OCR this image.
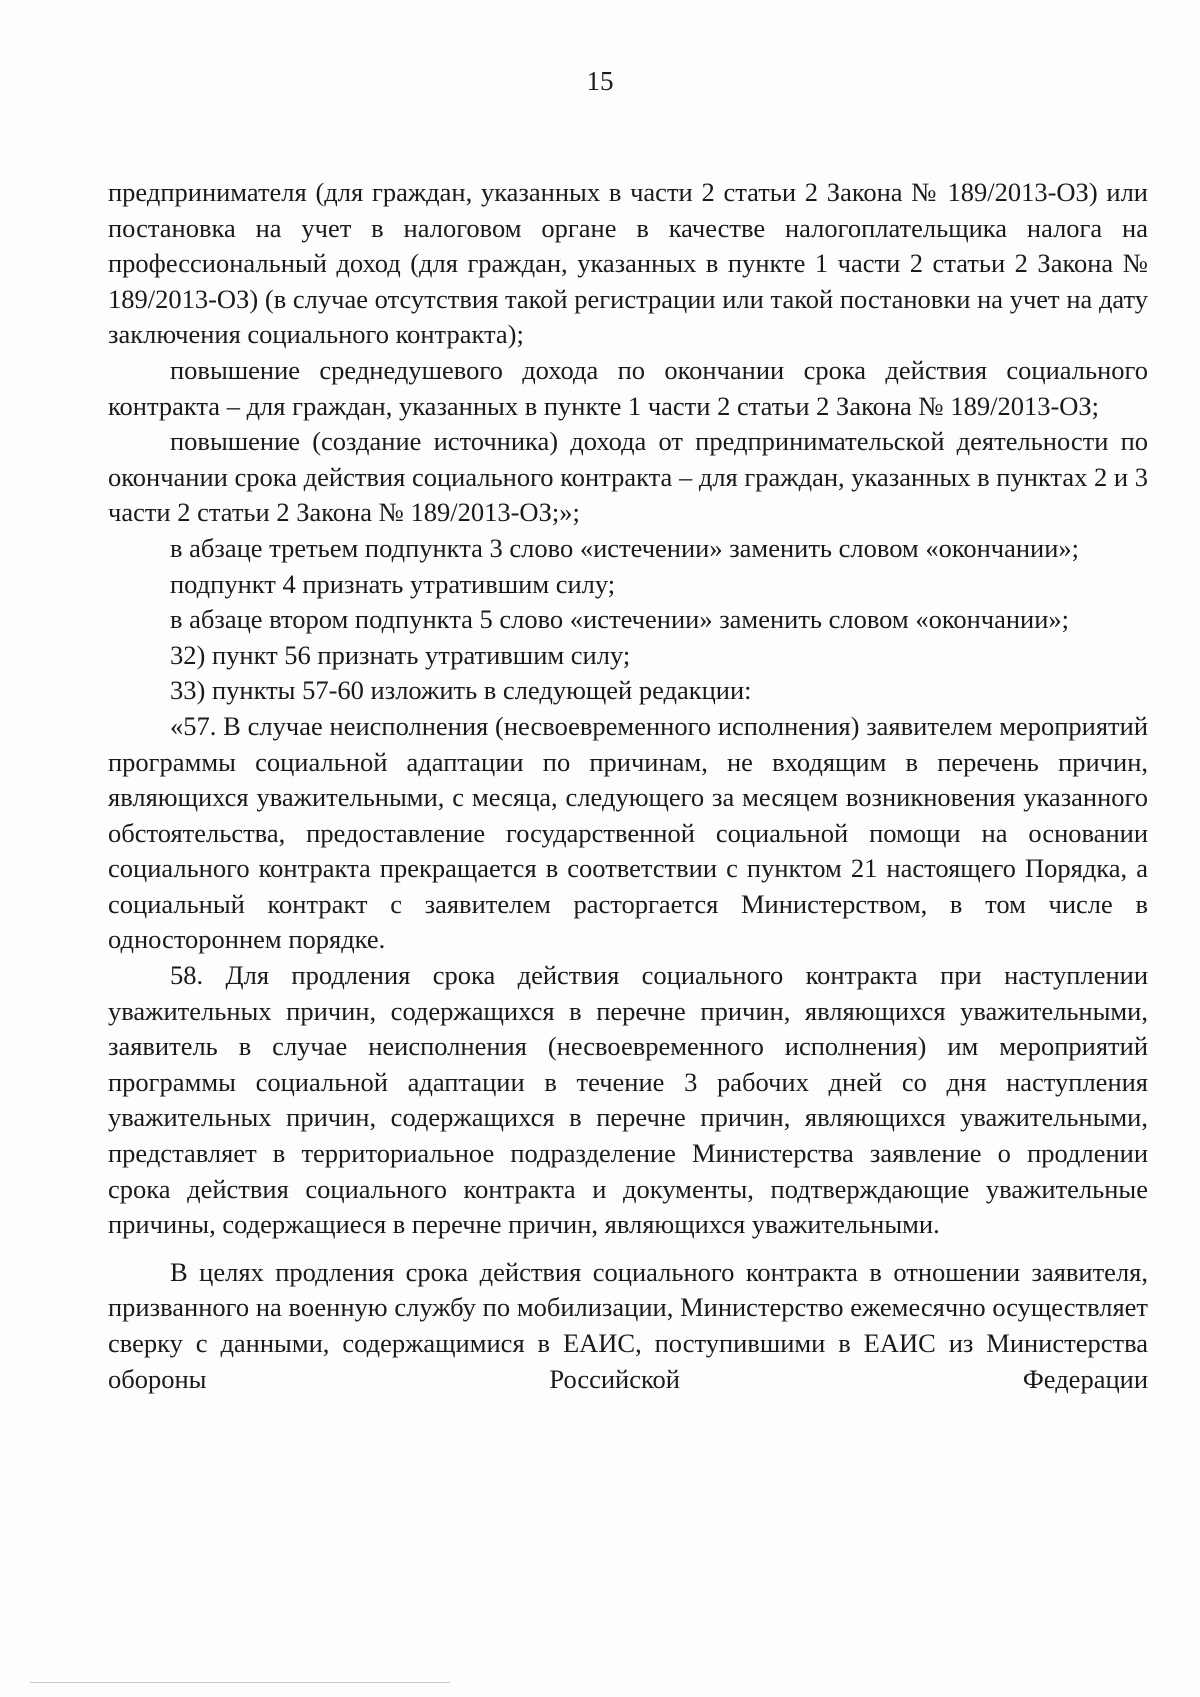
15

предпринимателя (для граждан, указанных в части 2 статьи 2 Закона № 189/2013-ОЗ) или постановка на учет в налоговом органе в качестве налогоплательщика налога на профессиональный доход (для граждан, указанных в пункте 1 части 2 статьи 2 Закона № 189/2013-ОЗ) (в случае отсутствия такой регистрации или такой постановки на учет на дату заключения социального контракта);

повышение среднедушевого дохода по окончании срока действия социального контракта – для граждан, указанных в пункте 1 части 2 статьи 2 Закона № 189/2013-ОЗ;

повышение (создание источника) дохода от предпринимательской деятельности по окончании срока действия социального контракта – для граждан, указанных в пунктах 2 и 3 части 2 статьи 2 Закона № 189/2013-ОЗ;»;

в абзаце третьем подпункта 3 слово «истечении» заменить словом «окончании»;

подпункт 4 признать утратившим силу;

в абзаце втором подпункта 5 слово «истечении» заменить словом «окончании»;

32) пункт 56 признать утратившим силу;

33) пункты 57-60 изложить в следующей редакции:

«57. В случае неисполнения (несвоевременного исполнения) заявителем мероприятий программы социальной адаптации по причинам, не входящим в перечень причин, являющихся уважительными, с месяца, следующего за месяцем возникновения указанного обстоятельства, предоставление государственной социальной помощи на основании социального контракта прекращается в соответствии с пунктом 21 настоящего Порядка, а социальный контракт с заявителем расторгается Министерством, в том числе в одностороннем порядке.

58. Для продления срока действия социального контракта при наступлении уважительных причин, содержащихся в перечне причин, являющихся уважительными, заявитель в случае неисполнения (несвоевременного исполнения) им мероприятий программы социальной адаптации в течение 3 рабочих дней со дня наступления уважительных причин, содержащихся в перечне причин, являющихся уважительными, представляет в территориальное подразделение Министерства заявление о продлении срока действия социального контракта и документы, подтверждающие уважительные причины, содержащиеся в перечне причин, являющихся уважительными.

В целях продления срока действия социального контракта в отношении заявителя, призванного на военную службу по мобилизации, Министерство ежемесячно осуществляет сверку с данными, содержащимися в ЕАИС, поступившими в ЕАИС из Министерства обороны Российской Федерации
